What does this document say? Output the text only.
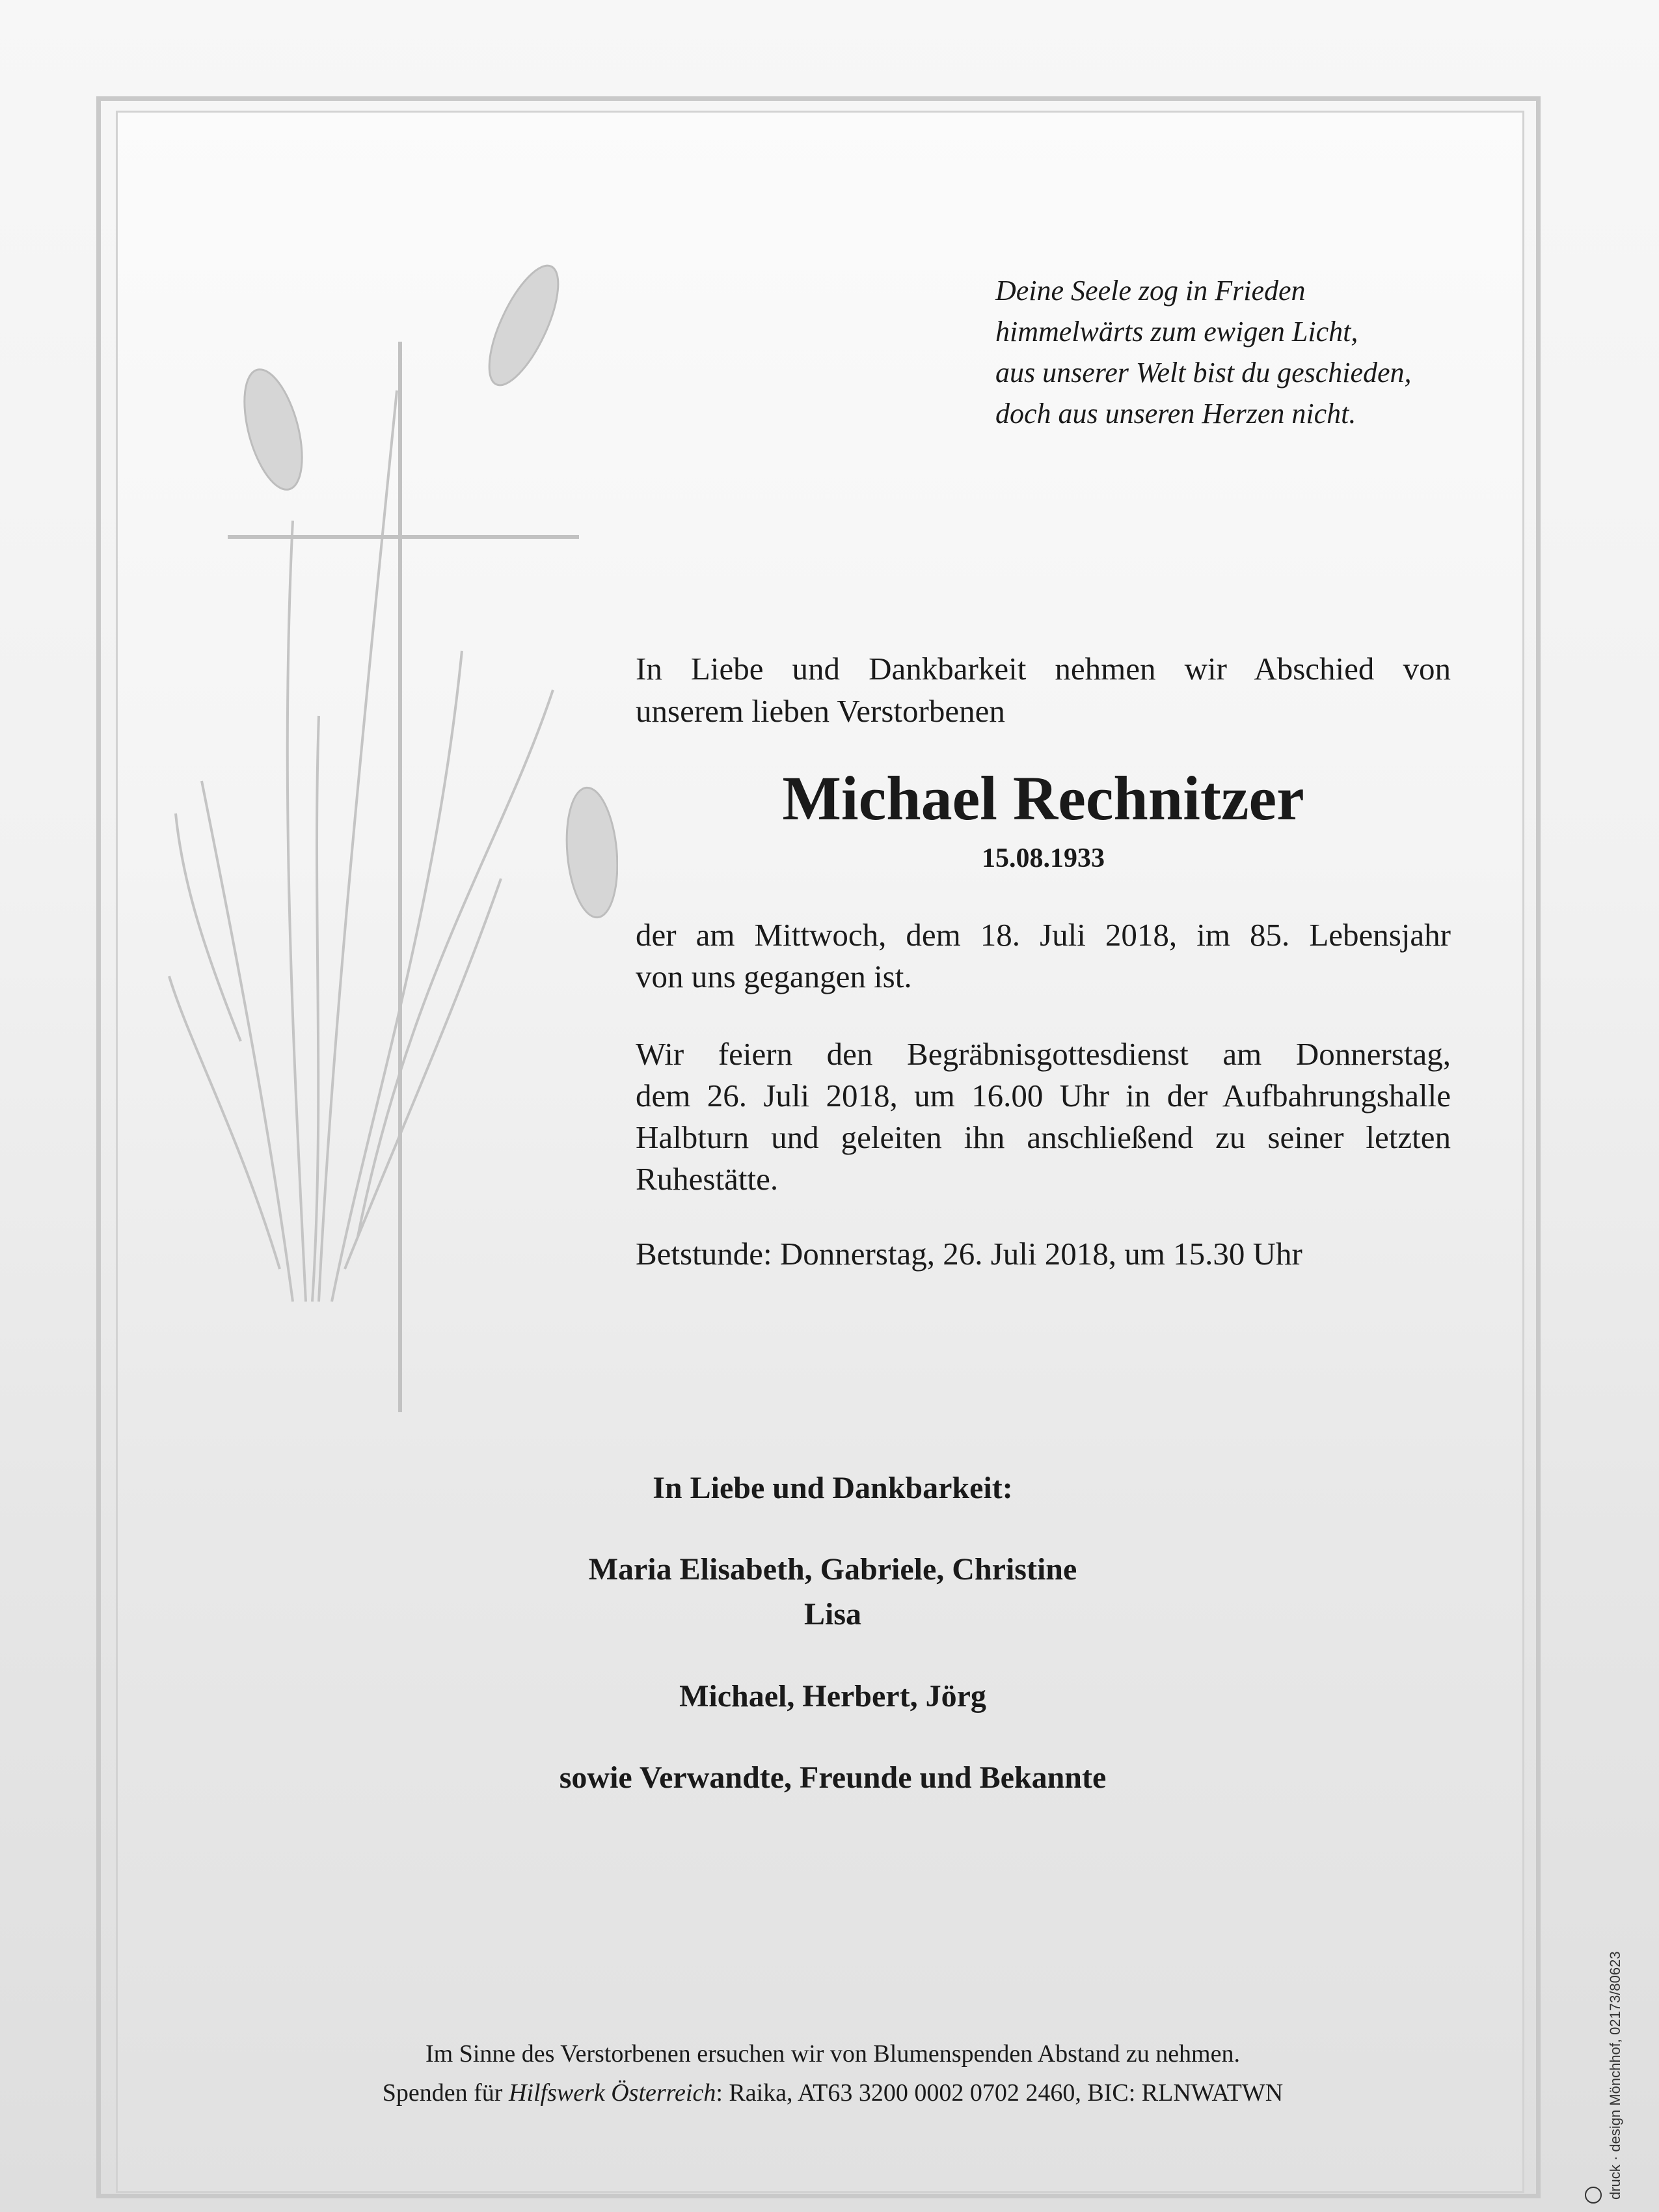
Deine Seele zog in Frieden
himmelwärts zum ewigen Licht,
aus unserer Welt bist du geschieden,
doch aus unseren Herzen nicht.
In Liebe und Dankbarkeit nehmen wir Abschied von
unserem lieben Verstorbenen
Michael Rechnitzer
15.08.1933
der am Mittwoch, dem 18. Juli 2018, im 85. Lebensjahr
von uns gegangen ist.
Wir feiern den Begräbnisgottesdienst am Donnerstag,
dem 26. Juli 2018, um 16.00 Uhr in der Aufbahrungshalle
Halbturn und geleiten ihn anschließend zu seiner letzten
Ruhestätte.
Betstunde: Donnerstag, 26. Juli 2018, um 15.30 Uhr
In Liebe und Dankbarkeit:
Maria Elisabeth, Gabriele, Christine
Lisa
Michael, Herbert, Jörg
sowie Verwandte, Freunde und Bekannte
Im Sinne des Verstorbenen ersuchen wir von Blumenspenden Abstand zu nehmen.
Spenden für Hilfswerk Österreich: Raika, AT63 3200 0002 0702 2460, BIC: RLNWATWN	druck · design Mönchhof, 02173/80623
